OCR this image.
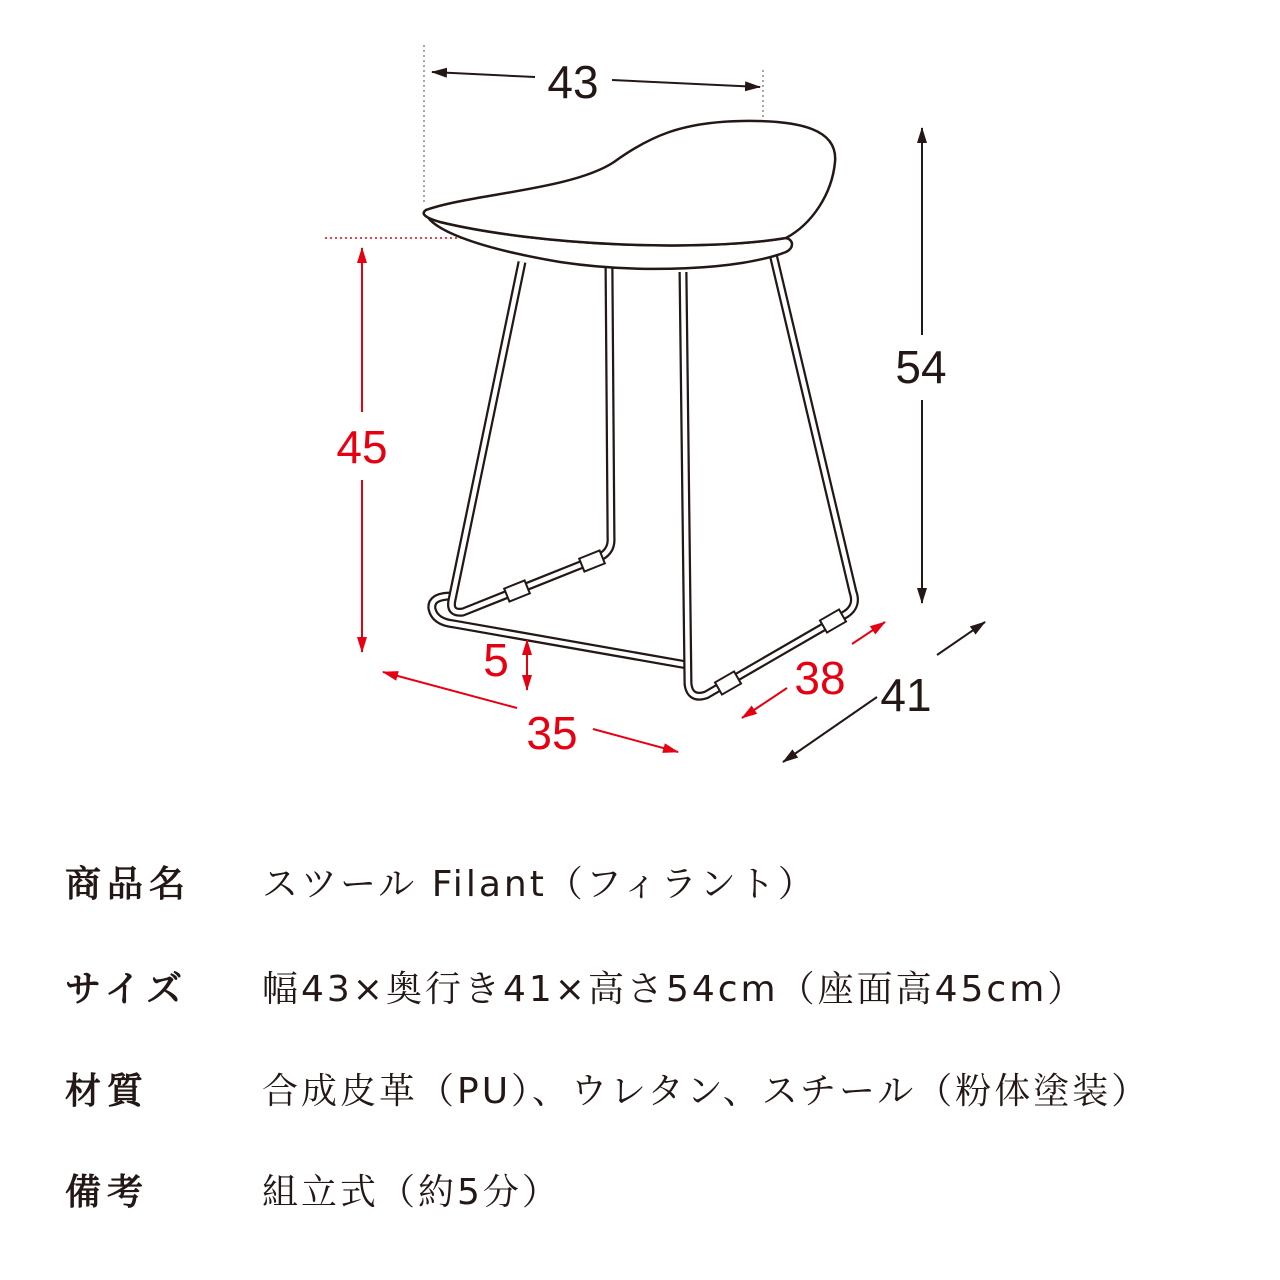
43
54
45
5
35
38 41
商品名 スツール Filant（フィラント）
サイズ 幅43×奥行き41×高さ54cm（座面高45cm）
材質	合成皮革（PU）、ウレタン、スチール（粉体塗装）
備考	組立式（約5分）
